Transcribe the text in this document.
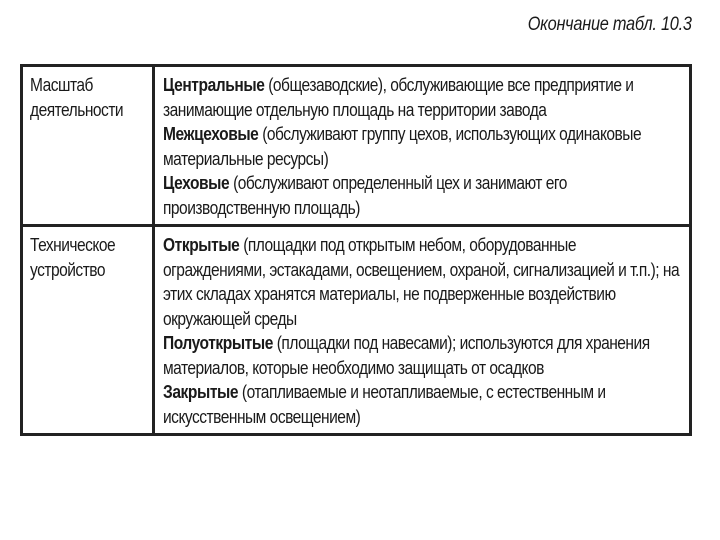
Окончание табл. 10.3
Масштаб деятельности
Центральные (общезаводские), обслуживающие все предприятие и занимающие отдельную площадь на территории завода
Межцеховые (обслуживают группу цехов, использующих одинаковые материальные ресурсы)
Цеховые (обслуживают определенный цех и занимают его производственную площадь)
Техническое устройство
Открытые (площадки под открытым небом, оборудованные ограждениями, эстакадами, освещением, охраной, сигнализацией и т.п.); на этих складах хранятся материалы, не подверженные воздействию окружающей среды
Полуоткрытые (площадки под навесами); используются для хранения материалов, которые необходимо защищать от осадков
Закрытые (отапливаемые и неотапливаемые, с естественным и искусственным освещением)
